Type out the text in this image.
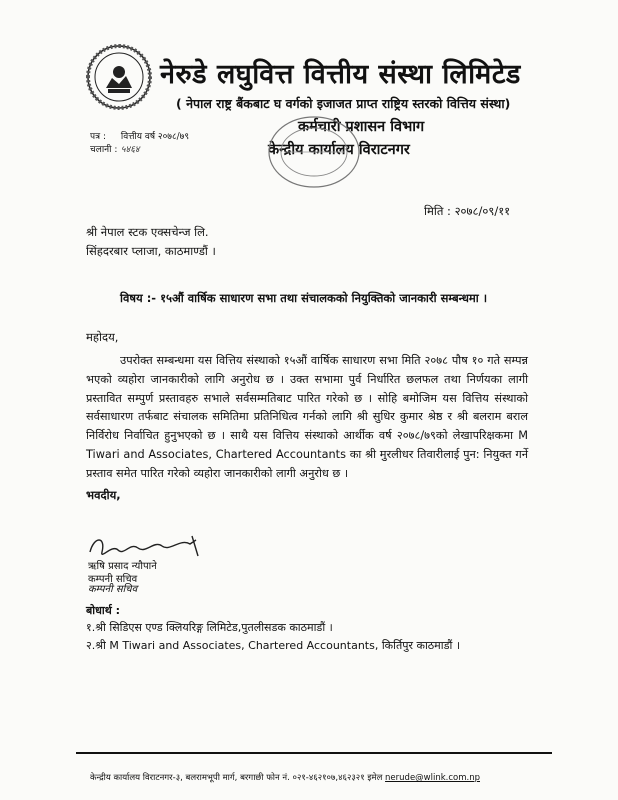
नेरुडे लघुवित्त वित्तीय संस्था लिमिटेड
( नेपाल राष्ट्र बैंकबाट घ वर्गको इजाजत प्राप्त राष्ट्रिय स्तरको वित्तिय संस्था)
कर्मचारी प्रशासन विभाग
केन्द्रीय कार्यालय विराटनगर
पत्र : वित्तीय वर्ष २०७८/७९
चलानी : ५४६४
मिति : २०७८/०९/११
श्री नेपाल स्टक एक्सचेन्ज लि.
सिंहदरबार प्लाजा, काठमाण्डौं ।
विषय :- १५औं वार्षिक साधारण सभा तथा संचालकको नियुक्तिको जानकारी सम्बन्धमा ।
महोदय,
उपरोक्त सम्बन्धमा यस वित्तिय संस्थाको १५औं वार्षिक साधारण सभा मिति २०७८ पौष १० गते सम्पन्न भएको व्यहोरा जानकारीको लागि अनुरोध छ । उक्त सभामा पुर्व निर्धारित छलफल तथा निर्णयका लागी प्रस्तावित सम्पुर्ण प्रस्तावहरु सभाले सर्वसम्मतिबाट पारित गरेको छ । सोहि बमोजिम यस वित्तिय संस्थाको सर्वसाधारण तर्फबाट संचालक समितिमा प्रतिनिधित्व गर्नको लागि श्री सुधिर कुमार श्रेष्ठ र श्री बलराम बराल निर्विरोध निर्वाचित हुनुभएको छ । साथै यस वित्तिय संस्थाको आर्थीक वर्ष २०७८/७९को लेखापरिक्षकमा M Tiwari and Associates, Chartered Accountants का श्री मुरलीधर तिवारीलाई पुन: नियुक्त गर्ने प्रस्ताव समेत पारित गरेको व्यहोरा जानकारीको लागी अनुरोध छ ।
भवदीय,
ऋषि प्रसाद न्यौपाने
कम्पनी सचिव
कम्पनी सचिव
बोधार्थ :
१.श्री सिडिएस एण्ड क्लियरिङ्ग लिमिटेड,पुतलीसडक काठमाडौं ।
२.श्री M Tiwari and Associates, Chartered Accountants, किर्तिपुर काठमाडौं ।
केन्द्रीय कार्यालय विराटनगर-३, बलरामभूपी मार्ग, बरगाछी फोन नं. ०२१-४६२१०७,४६२३२१ इमेल nerude@wlink.com.np
